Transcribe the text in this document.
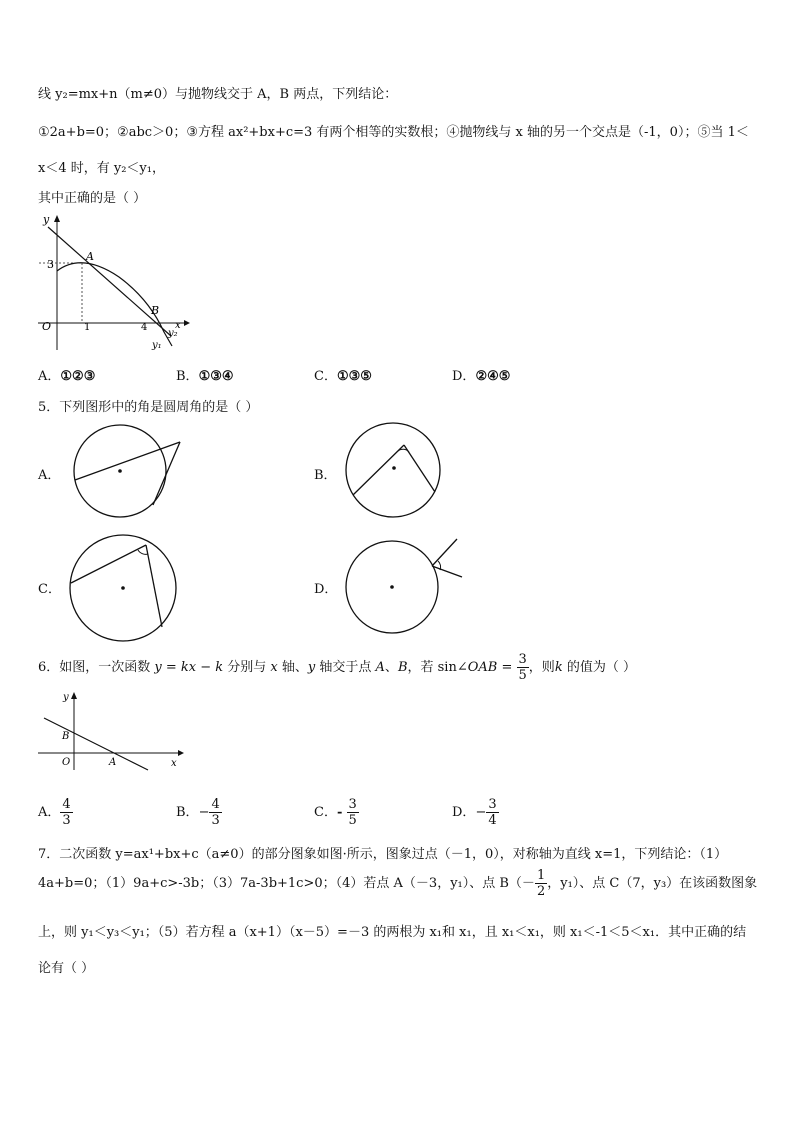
线 y₂=mx+n（m≠0）与抛物线交于 A，B 两点，下列结论：
①2a+b=0；②abc＞0；③方程 ax²+bx+c=3 有两个相等的实数根；④抛物线与 x 轴的另一个交点是（-1，0）；⑤当 1＜
x＜4 时，有 y₂＜y₁，
其中正确的是（ ）
y
3
A
B
O	1	4	x
y₂
y₁
A．①②③	B．①③④	C．①③⑤	D．②④⑤
5．下列图形中的角是圆周角的是（ ）
A．	B．
C．	D．
6．如图，一次函数 y = kx − k 分别与 x 轴、y 轴交于点 A、B，若 sin∠OAB = $\frac{3}{5}$ ，则k 的值为（ ）
y
B
O	A	x
A． $\frac{4}{3}$	B．− $\frac{4}{3}$	C．- $\frac{3}{5}$	D．− $\frac{3}{4}$
7．二次函数 y=ax¹+bx+c（a≠0）的部分图象如图·所示，图象过点（－1，0），对称轴为直线 x=1，下列结论：（1）
4a+b=0；（1）9a+c>-3b；（3）7a-3b+1c>0；（4）若点 A（－3，y₁）、点 $B(- \frac{1}{2}$ ，y₁）、点 C（7，y₃）在该函数图象
上，则 y₁＜y₃＜y₁；（5）若方程 a（x+1）（x－5）=－3 的两根为 x₁和 x₁，且 x₁＜x₁，则 x₁＜-1＜5＜x₁．其中正确的结
论有（ ）
